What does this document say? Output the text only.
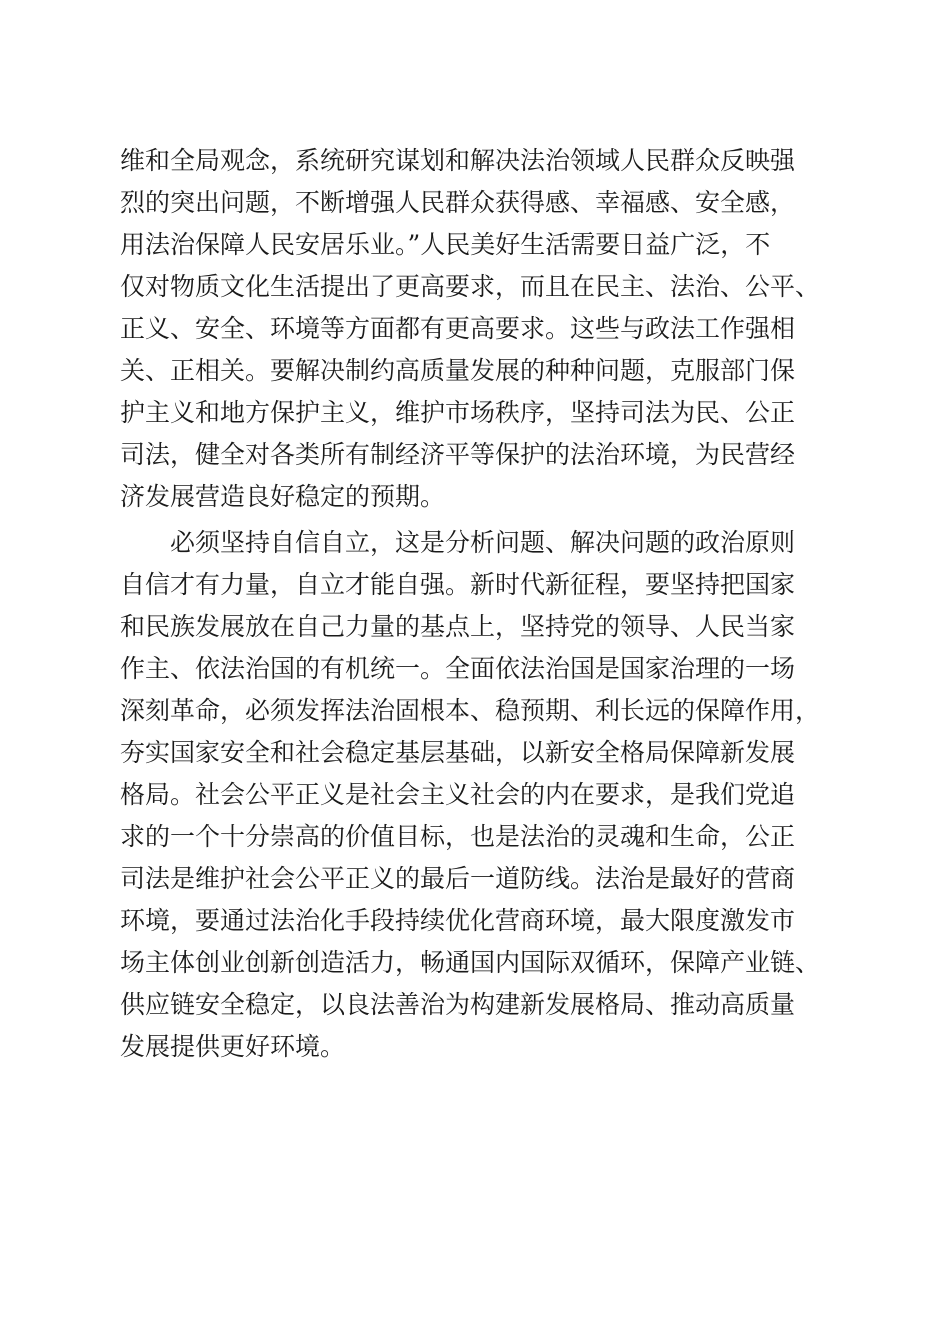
维和全局观念，系统研究谋划和解决法治领域人民群众反映强
烈的突出问题，不断增强人民群众获得感、幸福感、安全感，
用法治保障人民安居乐业。”人民美好生活需要日益广泛，不
仅对物质文化生活提出了更高要求，而且在民主、法治、公平、
正义、安全、环境等方面都有更高要求。这些与政法工作强相
关、正相关。要解决制约高质量发展的种种问题，克服部门保
护主义和地方保护主义，维护市场秩序，坚持司法为民、公正
司法，健全对各类所有制经济平等保护的法治环境，为民营经
济发展营造良好稳定的预期。
　　必须坚持自信自立，这是分析问题、解决问题的政治原则
自信才有力量，自立才能自强。新时代新征程，要坚持把国家
和民族发展放在自己力量的基点上，坚持党的领导、人民当家
作主、依法治国的有机统一。全面依法治国是国家治理的一场
深刻革命，必须发挥法治固根本、稳预期、利长远的保障作用，
夯实国家安全和社会稳定基层基础，以新安全格局保障新发展
格局。社会公平正义是社会主义社会的内在要求，是我们党追
求的一个十分崇高的价值目标，也是法治的灵魂和生命，公正
司法是维护社会公平正义的最后一道防线。法治是最好的营商
环境，要通过法治化手段持续优化营商环境，最大限度激发市
场主体创业创新创造活力，畅通国内国际双循环，保障产业链、
供应链安全稳定，以良法善治为构建新发展格局、推动高质量
发展提供更好环境。
